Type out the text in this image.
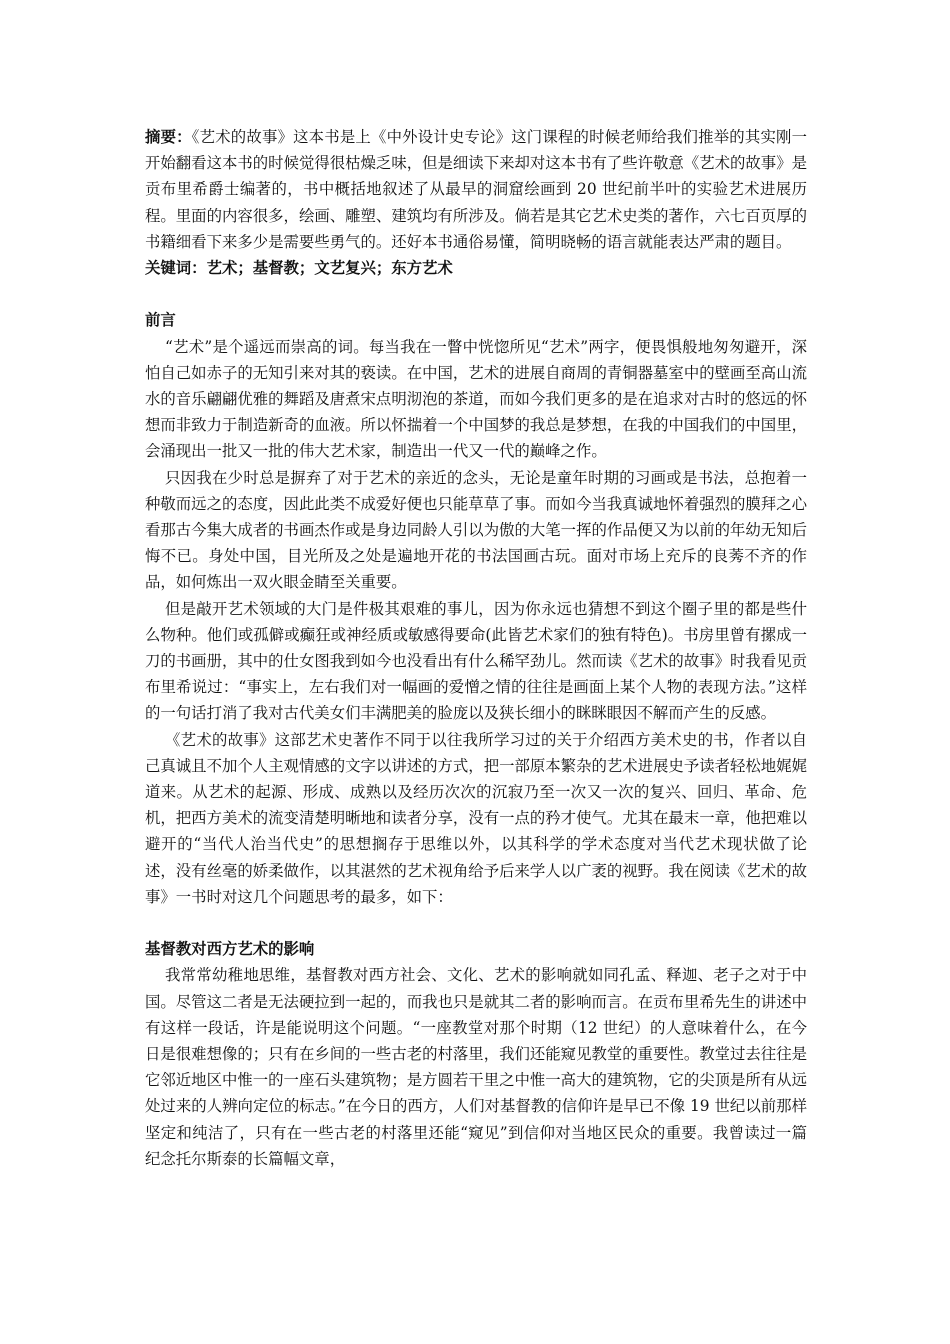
摘要：《艺术的故事》这本书是上《中外设计史专论》这门课程的时候老师给我们推举的其实刚一开始翻看这本书的时候觉得很枯燥乏味，但是细读下来却对这本书有了些许敬意《艺术的故事》是贡布里希爵士编著的，书中概括地叙述了从最早的洞窟绘画到 20 世纪前半叶的实验艺术进展历程。里面的内容很多，绘画、雕塑、建筑均有所涉及。倘若是其它艺术史类的著作，六七百页厚的书籍细看下来多少是需要些勇气的。还好本书通俗易懂，简明晓畅的语言就能表达严肃的题目。

关键词：艺术；基督教；文艺复兴；东方艺术

前言

“艺术”是个遥远而崇高的词。每当我在一瞥中恍惚所见“艺术”两字，便畏惧般地匆匆避开，深怕自己如赤子的无知引来对其的亵读。在中国，艺术的进展自商周的青铜器墓室中的壁画至高山流水的音乐翩翩优雅的舞蹈及唐煮宋点明沏泡的茶道，而如今我们更多的是在追求对古时的悠远的怀想而非致力于制造新奇的血液。所以怀揣着一个中国梦的我总是梦想，在我的中国我们的中国里，会涌现出一批又一批的伟大艺术家，制造出一代又一代的巅峰之作。

只因我在少时总是摒弃了对于艺术的亲近的念头，无论是童年时期的习画或是书法，总抱着一种敬而远之的态度，因此此类不成爱好便也只能草草了事。而如今当我真诚地怀着强烈的膜拜之心看那古今集大成者的书画杰作或是身边同龄人引以为傲的大笔一挥的作品便又为以前的年幼无知后悔不已。身处中国，目光所及之处是遍地开花的书法国画古玩。面对市场上充斥的良莠不齐的作品，如何炼出一双火眼金睛至关重要。

但是敲开艺术领域的大门是件极其艰难的事儿，因为你永远也猜想不到这个圈子里的都是些什么物种。他们或孤僻或癫狂或神经质或敏感得要命(此皆艺术家们的独有特色)。书房里曾有摞成一刀的书画册，其中的仕女图我到如今也没看出有什么稀罕劲儿。然而读《艺术的故事》时我看见贡布里希说过：“事实上，左右我们对一幅画的爱憎之情的往往是画面上某个人物的表现方法。”这样的一句话打消了我对古代美女们丰满肥美的脸庞以及狭长细小的眯眯眼因不解而产生的反感。

《艺术的故事》这部艺术史著作不同于以往我所学习过的关于介绍西方美术史的书，作者以自己真诚且不加个人主观情感的文字以讲述的方式，把一部原本繁杂的艺术进展史予读者轻松地娓娓道来。从艺术的起源、形成、成熟以及经历次次的沉寂乃至一次又一次的复兴、回归、革命、危机，把西方美术的流变清楚明晰地和读者分享，没有一点的矜才使气。尤其在最末一章，他把难以避开的“当代人治当代史”的思想搁存于思维以外，以其科学的学术态度对当代艺术现状做了论述，没有丝毫的娇柔做作，以其湛然的艺术视角给予后来学人以广袤的视野。我在阅读《艺术的故事》一书时对这几个问题思考的最多，如下：

基督教对西方艺术的影响

我常常幼稚地思维，基督教对西方社会、文化、艺术的影响就如同孔孟、释迦、老子之对于中国。尽管这二者是无法硬拉到一起的，而我也只是就其二者的影响而言。在贡布里希先生的讲述中有这样一段话，许是能说明这个问题。“一座教堂对那个时期（12 世纪）的人意味着什么，在今日是很难想像的；只有在乡间的一些古老的村落里，我们还能窥见教堂的重要性。教堂过去往往是它邻近地区中惟一的一座石头建筑物；是方圆若干里之中惟一高大的建筑物，它的尖顶是所有从远处过来的人辨向定位的标志。”在今日的西方，人们对基督教的信仰许是早已不像 19 世纪以前那样坚定和纯洁了，只有在一些古老的村落里还能“窥见”到信仰对当地区民众的重要。我曾读过一篇纪念托尔斯泰的长篇幅文章，
